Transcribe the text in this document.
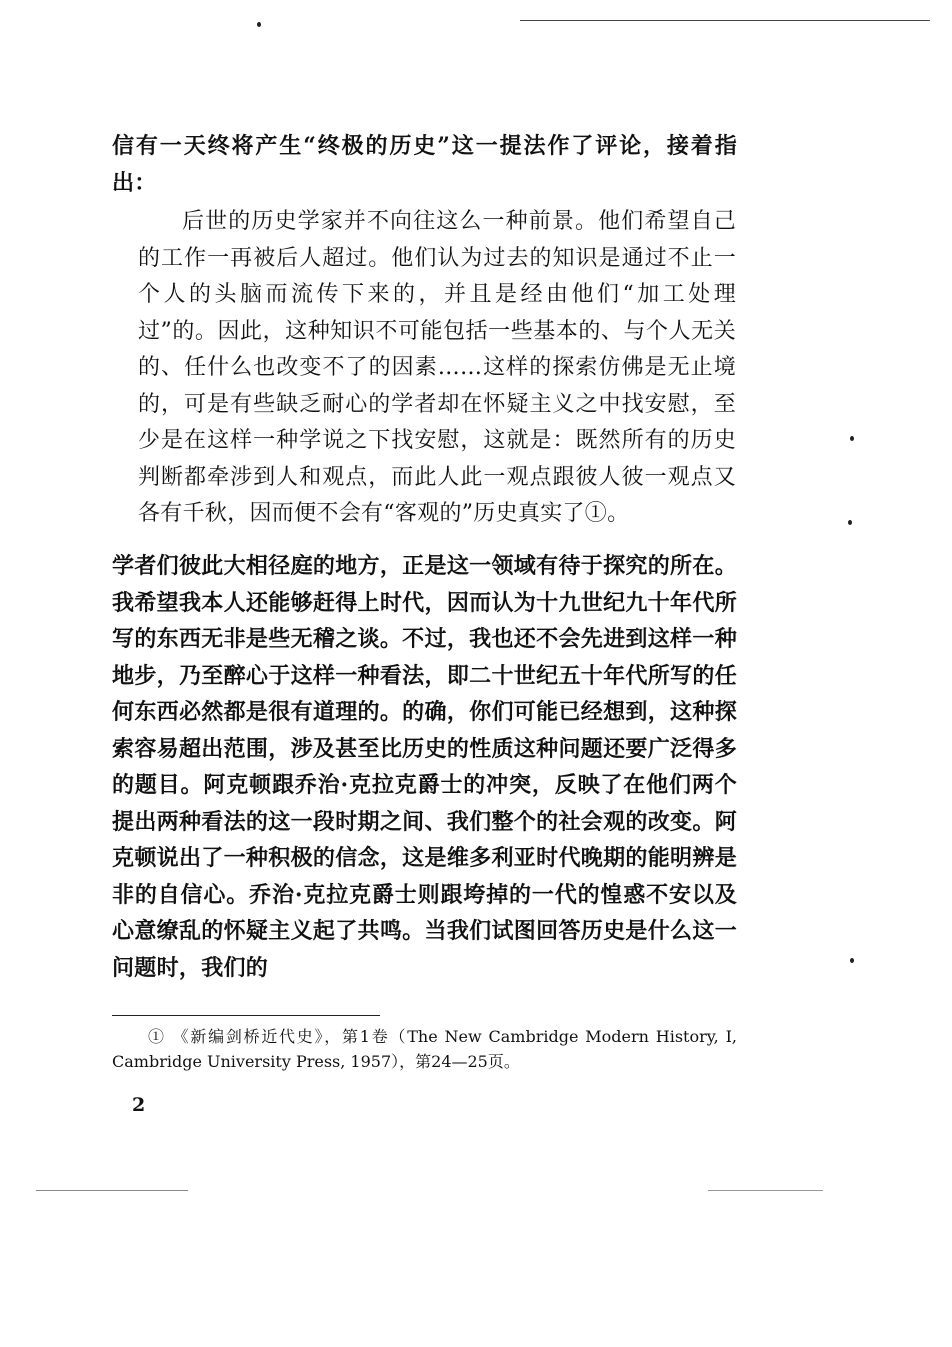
信有一天终将产生“终极的历史”这一提法作了评论，接着指出：

后世的历史学家并不向往这么一种前景。他们希望自己的工作一再被后人超过。他们认为过去的知识是通过不止一个人的头脑而流传下来的，并且是经由他们“加工处理过”的。因此，这种知识不可能包括一些基本的、与个人无关的、任什么也改变不了的因素……这样的探索仿佛是无止境的，可是有些缺乏耐心的学者却在怀疑主义之中找安慰，至少是在这样一种学说之下找安慰，这就是：既然所有的历史判断都牵涉到人和观点，而此人此一观点跟彼人彼一观点又各有千秋，因而便不会有“客观的”历史真实了①。

学者们彼此大相径庭的地方，正是这一领域有待于探究的所在。我希望我本人还能够赶得上时代，因而认为十九世纪九十年代所写的东西无非是些无稽之谈。不过，我也还不会先进到这样一种地步，乃至醉心于这样一种看法，即二十世纪五十年代所写的任何东西必然都是很有道理的。的确，你们可能已经想到，这种探索容易超出范围，涉及甚至比历史的性质这种问题还要广泛得多的题目。阿克顿跟乔治·克拉克爵士的冲突，反映了在他们两个提出两种看法的这一段时期之间、我们整个的社会观的改变。阿克顿说出了一种积极的信念，这是维多利亚时代晚期的能明辨是非的自信心。乔治·克拉克爵士则跟垮掉的一代的惶惑不安以及心意缭乱的怀疑主义起了共鸣。当我们试图回答历史是什么这一问题时，我们的

① 《新编剑桥近代史》，第1卷（The New Cambridge Modern History, I, Cambridge University Press, 1957），第24—25页。

2
